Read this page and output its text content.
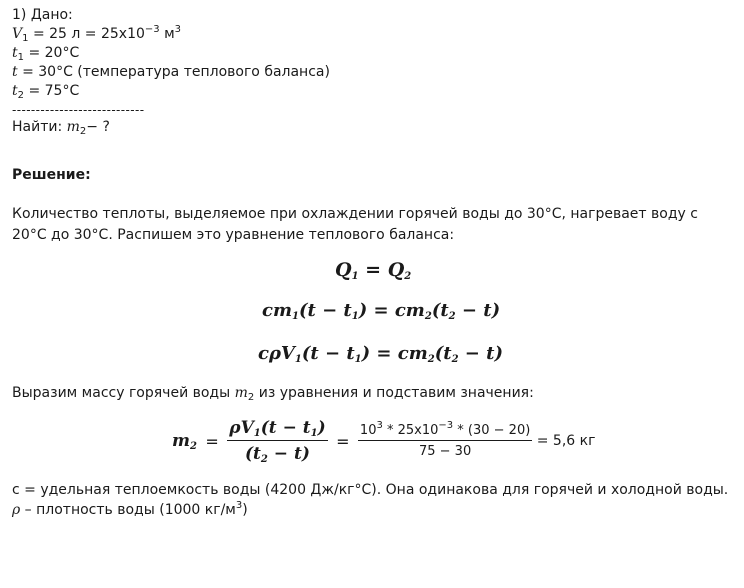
1) Дано:
$V_1 = 25$ $л = 25х10^{-3}$ $м^3$
$t_1 = 20^\circ C$
t = 30°C (температура теплового баланса)
$t_2 = 75^\circ C$
----------------------------
Найти: $m_2-$ ?
Решение:
Количество теплоты, выделяемое при охлаждении горячей воды до 30°С, нагревает воду с 20°С до 30°С. Распишем это уравнение теплового баланса:
$Q_1 = Q_2$
$cm_1(t - t_1) = cm_2(t_2 - t)$
$c\rho V_1(t - t_1) = cm_2(t_2 - t)$
Выразим массу горячей воды $m_2$ из уравнения и подставим значения:
$m_2 = \frac{\rho V_1(t - t_1)}{(t_2 - t)} = \frac{10^3 * 25х10^{-3} * (30 - 20)}{75 - 30} = 5,6$ кг
с = удельная теплоемкость воды (4200 Дж/кг°С). Она одинакова для горячей и холодной воды.
ρ – плотность воды (1000 $кг/м^3$)
